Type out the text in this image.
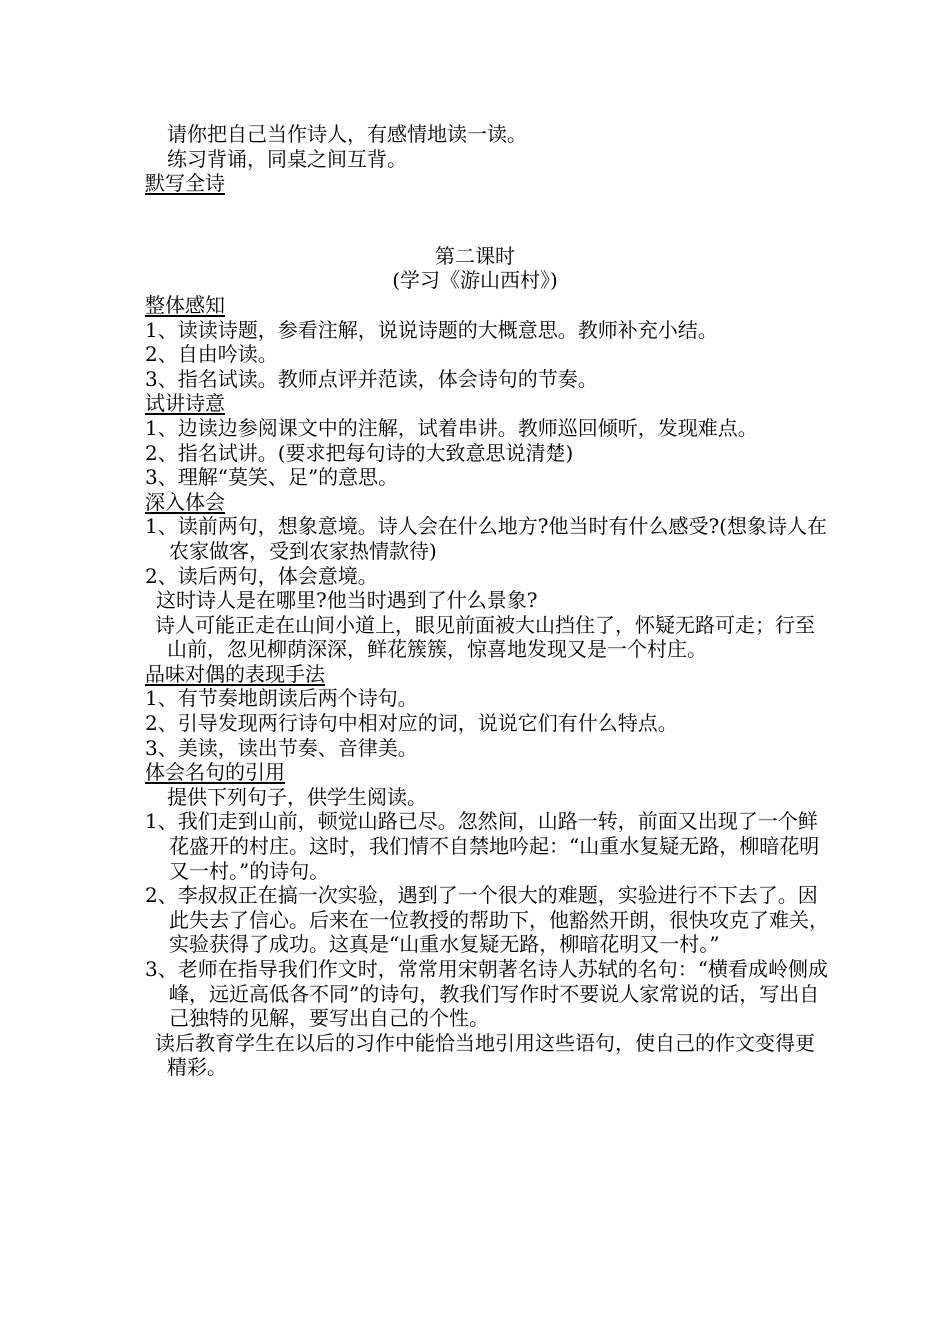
请你把自己当作诗人，有感情地读一读。
练习背诵，同桌之间互背。
默写全诗
第二课时
(学习《游山西村》)
整体感知
1、读读诗题，参看注解，说说诗题的大概意思。教师补充小结。
2、自由吟读。
3、指名试读。教师点评并范读，体会诗句的节奏。
试讲诗意
1、边读边参阅课文中的注解，试着串讲。教师巡回倾听，发现难点。
2、指名试讲。(要求把每句诗的大致意思说清楚)
3、理解“莫笑、足”的意思。
深入体会
1、读前两句，想象意境。诗人会在什么地方?他当时有什么感受?(想象诗人在农家做客，受到农家热情款待)
2、读后两句，体会意境。
这时诗人是在哪里?他当时遇到了什么景象?
诗人可能正走在山间小道上，眼见前面被大山挡住了，怀疑无路可走；行至山前，忽见柳荫深深，鲜花簇簇，惊喜地发现又是一个村庄。
品味对偶的表现手法
1、有节奏地朗读后两个诗句。
2、引导发现两行诗句中相对应的词，说说它们有什么特点。
3、美读，读出节奏、音律美。
体会名句的引用
提供下列句子，供学生阅读。
1、我们走到山前，顿觉山路已尽。忽然间，山路一转，前面又出现了一个鲜花盛开的村庄。这时，我们情不自禁地吟起：“山重水复疑无路，柳暗花明又一村。”的诗句。
2、李叔叔正在搞一次实验，遇到了一个很大的难题，实验进行不下去了。因此失去了信心。后来在一位教授的帮助下，他豁然开朗，很快攻克了难关，实验获得了成功。这真是“山重水复疑无路，柳暗花明又一村。”
3、老师在指导我们作文时，常常用宋朝著名诗人苏轼的名句：“横看成岭侧成峰，远近高低各不同”的诗句，教我们写作时不要说人家常说的话，写出自己独特的见解，要写出自己的个性。
读后教育学生在以后的习作中能恰当地引用这些语句，使自己的作文变得更精彩。
